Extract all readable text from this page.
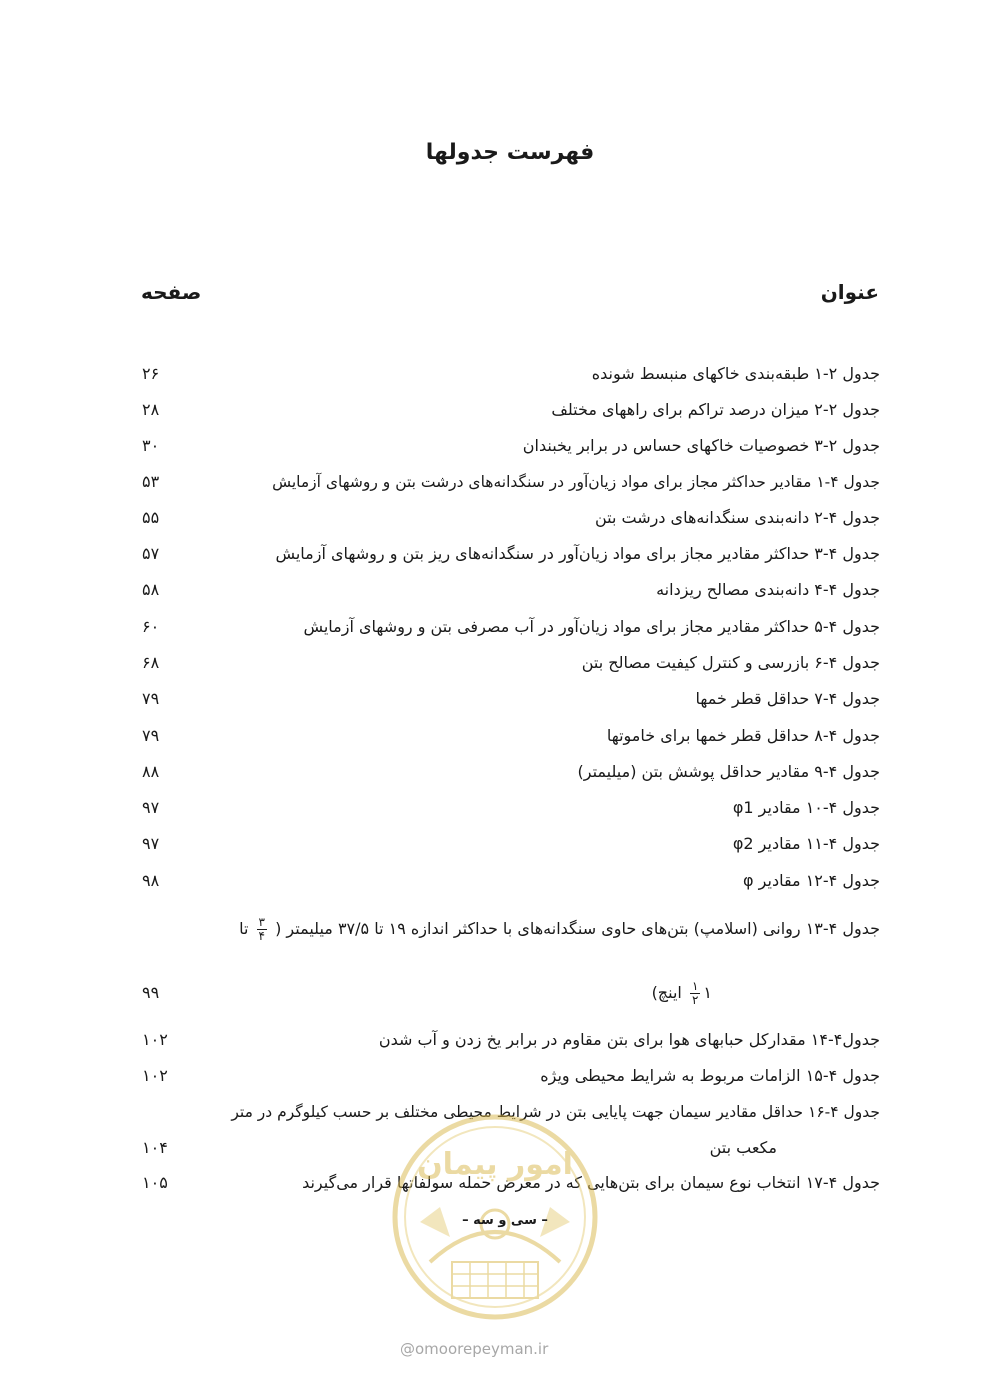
فهرست جدولها
عنوان
صفحه
جدول ۲-۱ طبقه‌بندی خاکهای منبسط شونده
۲۶
جدول ۲-۲ میزان درصد تراکم برای راههای مختلف
۲۸
جدول ۲-۳ خصوصیات خاکهای حساس در برابر یخبندان
۳۰
جدول ۴-۱ مقادیر حداکثر مجاز برای مواد زیان‌آور در سنگدانه‌های درشت بتن و روشهای آزمایش
۵۳
جدول ۴-۲ دانه‌بندی سنگدانه‌های درشت بتن
۵۵
جدول ۴-۳ حداکثر مقادیر مجاز برای مواد زیان‌آور در سنگدانه‌های ریز بتن و روشهای آزمایش
۵۷
جدول ۴-۴ دانه‌بندی مصالح ریزدانه
۵۸
جدول ۴-۵ حداکثر مقادیر مجاز برای مواد زیان‌آور در آب مصرفی بتن و روشهای آزمایش
۶۰
جدول ۴-۶ بازرسی و کنترل کیفیت مصالح بتن
۶۸
جدول ۴-۷ حداقل قطر خمها
۷۹
جدول ۴-۸ حداقل قطر خمها برای خاموتها
۷۹
جدول ۴-۹ مقادیر حداقل پوشش بتن (میلیمتر)
۸۸
جدول ۴-۱۰ مقادیر φ1
۹۷
جدول ۴-۱۱ مقادیر φ2
۹۷
جدول ۴-۱۲ مقادیر φ
۹۸
جدول ۴-۱۳ روانی (اسلامپ) بتن‌های حاوی سنگدانه‌های با حداکثر اندازه ۱۹ تا ۳۷/۵ میلیمتر (
$\frac{۳}{۴}$
تا
۱
$\frac{۱}{۲}$
اینچ)
۹۹
جدول۴-۱۴ مقدارکل حبابهای هوا برای بتن مقاوم در برابر یخ زدن و آب شدن
۱۰۲
جدول ۴-۱۵ الزامات مربوط به شرایط محیطی ویژه
۱۰۲
جدول ۴-۱۶ حداقل مقادیر سیمان جهت پایایی بتن در شرایط محیطی مختلف بر حسب کیلوگرم در متر
مکعب بتن
۱۰۴
جدول ۴-۱۷ انتخاب نوع سیمان برای بتن‌هایی که در معرض حمله سولفاتها قرار می‌گیرند
۱۰۵
امور پیمان
– سی و سه –
@omoorepeyman.ir
